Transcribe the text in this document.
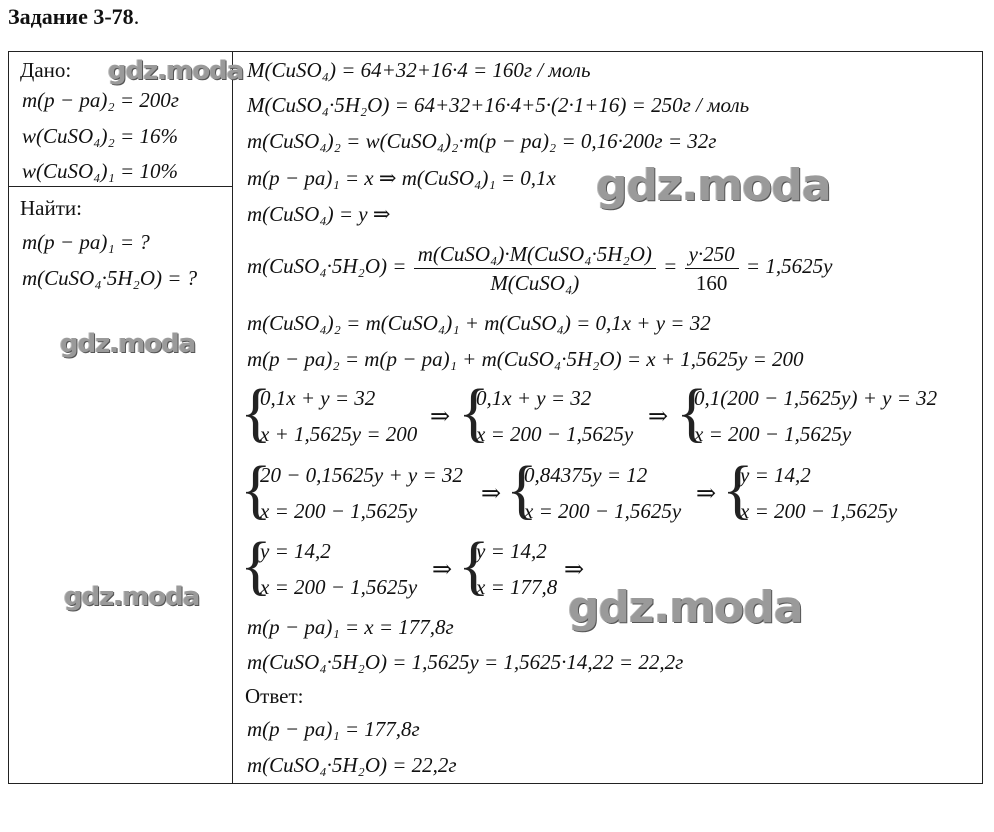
Задание 3-78.
Дано:
m(p − pa)₂ = 200г
w(CuSO₄)₂ = 16%
w(CuSO₄)₁ = 10%
Найти:
m(p − pa)₁ = ?
m(CuSO₄·5H₂O) = ?
M(CuSO₄) = 64+32+16·4 = 160г / моль
M(CuSO₄·5H₂O) = 64+32+16·4+5·(2·1+16) = 250г / моль
m(CuSO₄)₂ = w(CuSO₄)₂·m(p − pa)₂ = 0,16·200г = 32г
m(p − pa)₁ = x ⇒ m(CuSO₄)₁ = 0,1x
m(CuSO₄) = y ⇒
m(CuSO₄·5H₂O) = $\frac{\text{m(CuSO₄)·M(CuSO₄·5H₂O)}}{\text{M(CuSO₄)}} = \frac{y\cdot 250}{160} = 1,5625y$
m(CuSO₄)₂ = m(CuSO₄)₁ + m(CuSO₄) = 0,1x + y = 32
m(p − pa)₂ = m(p − pa)₁ + m(CuSO₄·5H₂O) = x + 1,5625y = 200
{
0,1x + y = 32
x + 1,5625y = 200
⇒ {
0,1x + y = 32
x = 200 − 1,5625y
⇒ {
0,1(200 − 1,5625y) + y = 32
x = 200 − 1,5625y
{
20 − 0,15625y + y = 32
x = 200 − 1,5625y
⇒ {
0,84375y = 12
x = 200 − 1,5625y
⇒ {
y = 14,2
x = 200 − 1,5625y
{
y = 14,2
x = 200 − 1,5625y
⇒ {
y = 14,2
x = 177,8
⇒
m(p − pa)₁ = x = 177,8г
m(CuSO₄·5H₂O) = 1,5625y = 1,5625·14,22 = 22,2г
Ответ:
m(p − pa)₁ = 177,8г
m(CuSO₄·5H₂O) = 22,2г
gdz.moda
gdz.moda
gdz.moda
gdz.moda	gdz.moda
